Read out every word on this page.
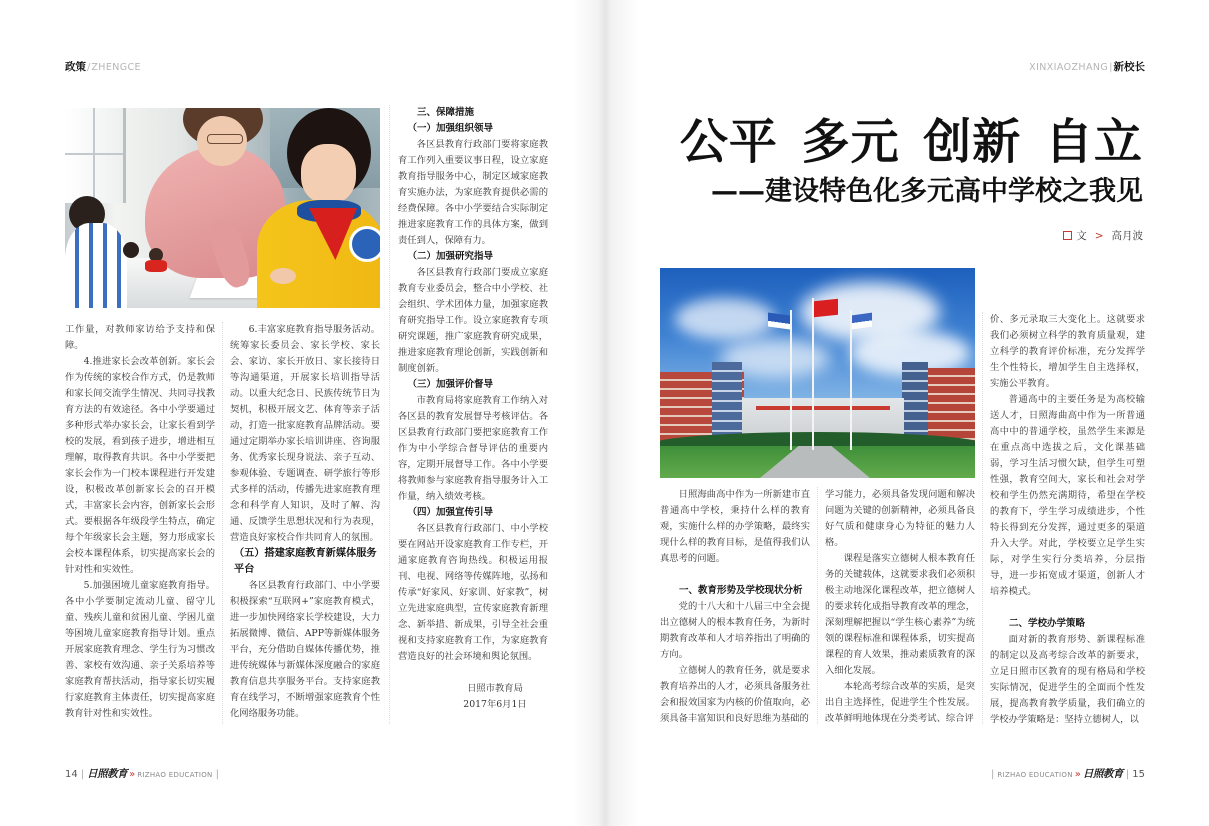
政策/ZHENGCE	XINXIAOZHANG|新校长

工作量，对教师家访给予支持和保障。

4.推进家长会改革创新。家长会作为传统的家校合作方式，仍是教师和家长间交流学生情况、共同寻找教育方法的有效途径。各中小学要通过多种形式举办家长会，让家长看到学校的发展，看到孩子进步，增进相互理解，取得教育共识。各中小学要把家长会作为一门校本课程进行开发建设，积极改革创新家长会的召开模式，丰富家长会内容，创新家长会形式。要根据各年级段学生特点，确定每个年级家长会主题，努力形成家长会校本课程体系，切实提高家长会的针对性和实效性。

5.加强困境儿童家庭教育指导。各中小学要制定流动儿童、留守儿童、残疾儿童和贫困儿童、学困儿童等困境儿童家庭教育指导计划。重点开展家庭教育理念、学生行为习惯改善、家校有效沟通、亲子关系培养等家庭教育帮扶活动，指导家长切实履行家庭教育主体责任，切实提高家庭教育针对性和实效性。

6.丰富家庭教育指导服务活动。统筹家长委员会、家长学校、家长会、家访、家长开放日、家长接待日等沟通渠道，开展家长培训指导活动。以重大纪念日、民族传统节日为契机，积极开展文艺、体育等亲子活动，打造一批家庭教育品牌活动。要通过定期举办家长培训讲座、咨询服务、优秀家长现身说法、亲子互动、参观体验、专题调查、研学旅行等形式多样的活动，传播先进家庭教育理念和科学育人知识，及时了解、沟通、反馈学生思想状况和行为表现，营造良好家校合作共同育人的氛围。

（五）搭建家庭教育新媒体服务平台

各区县教育行政部门、中小学要积极探索“互联网+”家庭教育模式，进一步加快网络家长学校建设，大力拓展微博、微信、APP等新媒体服务平台，充分借助自媒体传播优势，推进传统媒体与新媒体深度融合的家庭教育信息共享服务平台。支持家庭教育在线学习，不断增强家庭教育个性化网络服务功能。

三、保障措施

（一）加强组织领导

各区县教育行政部门要将家庭教育工作列入重要议事日程，设立家庭教育指导服务中心，制定区域家庭教育实施办法，为家庭教育提供必需的经费保障。各中小学要结合实际制定推进家庭教育工作的具体方案，做到责任到人，保障有力。

（二）加强研究指导

各区县教育行政部门要成立家庭教育专业委员会，整合中小学校、社会组织、学术团体力量，加强家庭教育研究指导工作。设立家庭教育专项研究课题，推广家庭教育研究成果，推进家庭教育理论创新，实践创新和制度创新。

（三）加强评价督导

市教育局将家庭教育工作纳入对各区县的教育发展督导考核评估。各区县教育行政部门要把家庭教育工作作为中小学综合督导评估的重要内容，定期开展督导工作。各中小学要将教师参与家庭教育指导服务计入工作量，纳入绩效考核。

（四）加强宣传引导

各区县教育行政部门、中小学校要在网站开设家庭教育工作专栏，开通家庭教育咨询热线。积极运用报刊、电视、网络等传媒阵地，弘扬和传承“好家风、好家训、好家教”，树立先进家庭典型，宣传家庭教育新理念、新举措、新成果，引导全社会重视和支持家庭教育工作，为家庭教育营造良好的社会环境和舆论氛围。

日照市教育局

2017年6月1日

公平 多元 创新 自立
——建设特色化多元高中学校之我见
文 > 高月波

日照海曲高中作为一所新建市直普通高中学校，秉持什么样的教育观，实施什么样的办学策略，最终实现什么样的教育目标，是值得我们认真思考的问题。

一、教育形势及学校现状分析

党的十八大和十八届三中全会提出立德树人的根本教育任务，为新时期教育改革和人才培养指出了明确的方向。

立德树人的教育任务，就是要求教育培养出的人才，必须具备服务社会和报效国家为内核的价值取向，必须具备丰富知识和良好思维为基础的

学习能力，必须具备发现问题和解决问题为关键的创新精神，必须具备良好气质和健康身心为特征的魅力人格。

课程是落实立德树人根本教育任务的关键载体，这就要求我们必须积极主动地深化课程改革，把立德树人的要求转化成指导教育改革的理念，深刻理解把握以“学生核心素养”为统领的课程标准和课程体系，切实提高课程的育人效果，推动素质教育的深入细化发展。

本轮高考综合改革的实质，是突出自主选择性，促进学生个性发展。改革鲜明地体现在分类考试、综合评

价、多元录取三大变化上。这就要求我们必须树立科学的教育质量观，建立科学的教育评价标准，充分发挥学生个性特长，增加学生自主选择权，实施公平教育。

普通高中的主要任务是为高校输送人才，日照海曲高中作为一所普通高中中的普通学校，虽然学生来源是在重点高中选拔之后，文化课基础弱，学习生活习惯欠缺，但学生可塑性强，教育空间大，家长和社会对学校和学生仍然充满期待，希望在学校的教育下，学生学习成绩进步，个性特长得到充分发挥，通过更多的渠道升入大学。对此，学校要立足学生实际，对学生实行分类培养，分层指导，进一步拓宽成才渠道，创新人才培养模式。

二、学校办学策略

面对新的教育形势、新课程标准的制定以及高考综合改革的新要求，立足日照市区教育的现有格局和学校实际情况，促进学生的全面而个性发展，提高教育教学质量，我们确立的学校办学策略是：坚持立德树人，以

14 | 日照教育 » RIZHAO EDUCATION |	| RIZHAO EDUCATION » 日照教育 | 15
